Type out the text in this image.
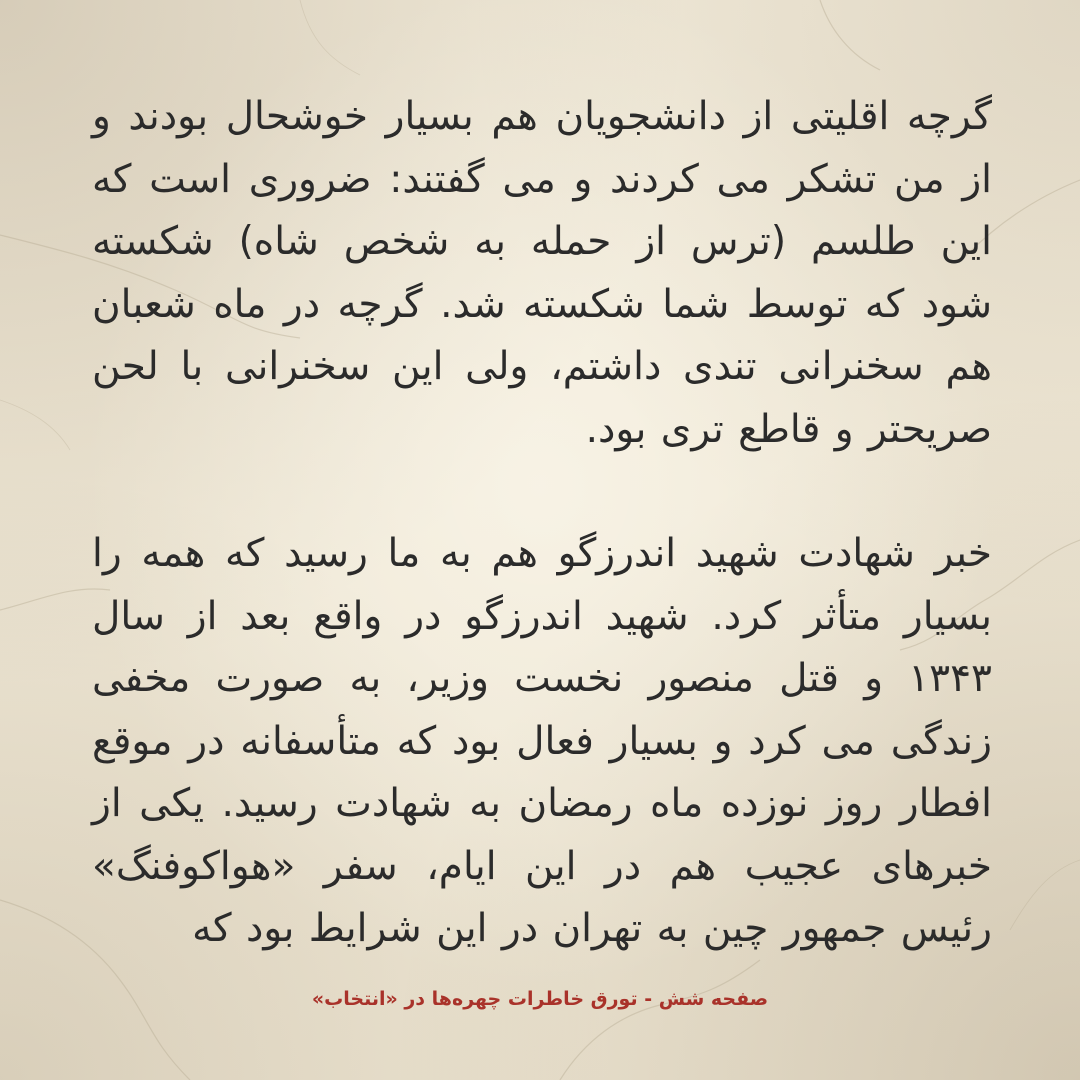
گرچه اقلیتی از دانشجویان هم بسیار خوشحال بودند و از من تشکر می کردند و می گفتند: ضروری است که این طلسم (ترس از حمله به شخص شاه) شکسته شود که توسط شما شکسته شد. گرچه در ماه شعبان هم سخنرانی تندی داشتم، ولی این سخنرانی با لحن صریحتر و قاطع تری بود.

خبر شهادت شهید اندرزگو هم به ما رسید که همه را بسیار متأثر کرد. شهید اندرزگو در واقع بعد از سال ۱۳۴۳ و قتل منصور نخست وزیر، به صورت مخفی زندگی می کرد و بسیار فعال بود که متأسفانه در موقع افطار روز نوزده ماه رمضان به شهادت رسید. یکی از خبرهای عجیب هم در این ایام، سفر «هواکوفنگ» رئیس جمهور چین به تهران در این شرایط بود که

صفحه شش - تورق خاطرات چهره‌ها در «انتخاب»
